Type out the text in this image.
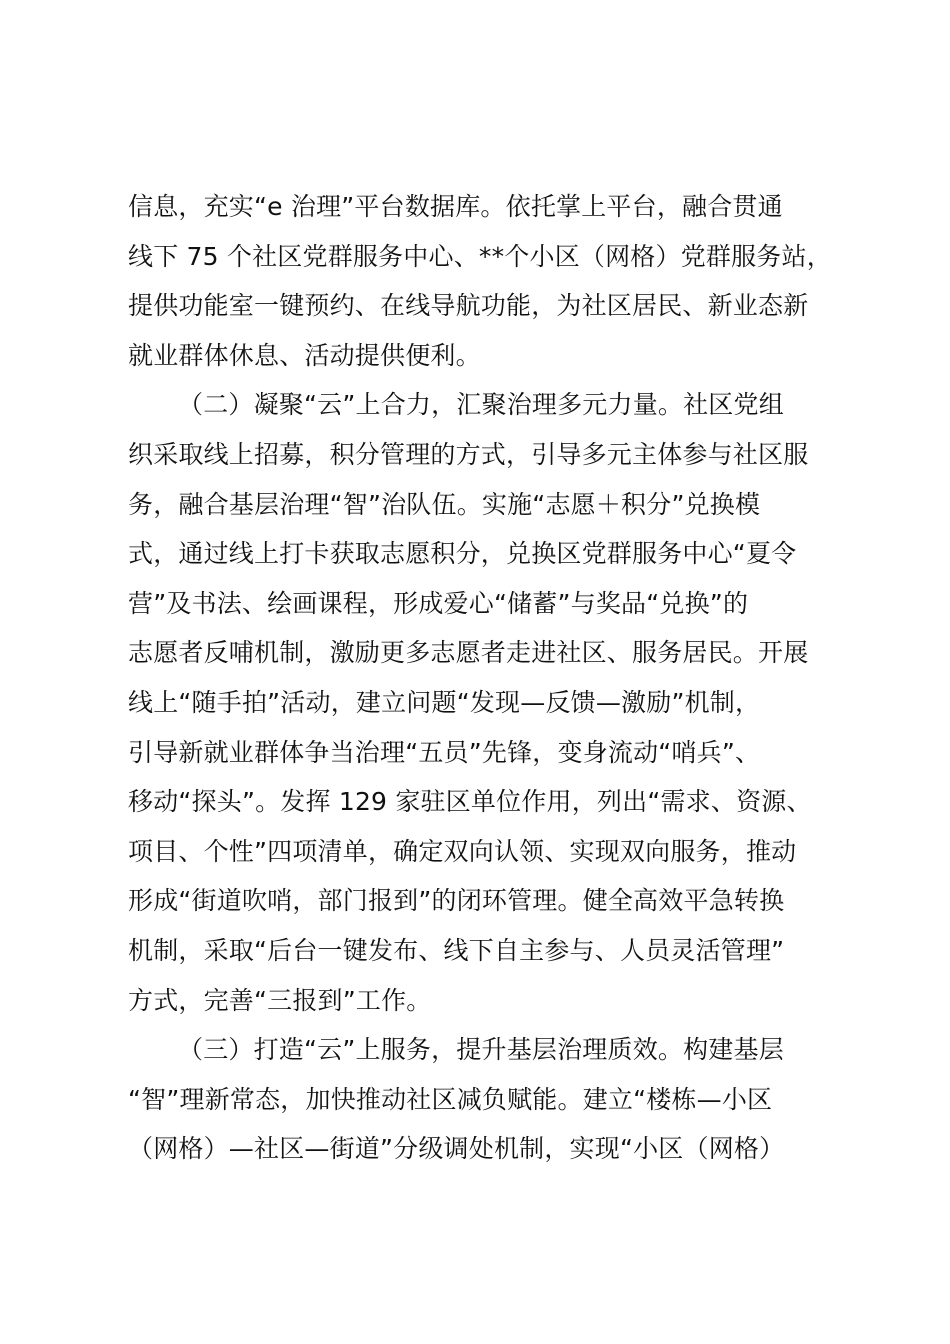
信息，充实“e 治理”平台数据库。依托掌上平台，融合贯通
线下 75 个社区党群服务中心、**个小区（网格）党群服务站，
提供功能室一键预约、在线导航功能，为社区居民、新业态新
就业群体休息、活动提供便利。
（二）凝聚“云”上合力，汇聚治理多元力量。社区党组
织采取线上招募，积分管理的方式，引导多元主体参与社区服
务，融合基层治理“智”治队伍。实施“志愿＋积分”兑换模
式，通过线上打卡获取志愿积分，兑换区党群服务中心“夏令
营”及书法、绘画课程，形成爱心“储蓄”与奖品“兑换”的
志愿者反哺机制，激励更多志愿者走进社区、服务居民。开展
线上“随手拍”活动，建立问题“发现—反馈—激励”机制，
引导新就业群体争当治理“五员”先锋，变身流动“哨兵”、
移动“探头”。发挥 129 家驻区单位作用，列出“需求、资源、
项目、个性”四项清单，确定双向认领、实现双向服务，推动
形成“街道吹哨，部门报到”的闭环管理。健全高效平急转换
机制，采取“后台一键发布、线下自主参与、人员灵活管理”
方式，完善“三报到”工作。
（三）打造“云”上服务，提升基层治理质效。构建基层
“智”理新常态，加快推动社区减负赋能。建立“楼栋—小区
（网格）—社区—街道”分级调处机制，实现“小区（网格）
